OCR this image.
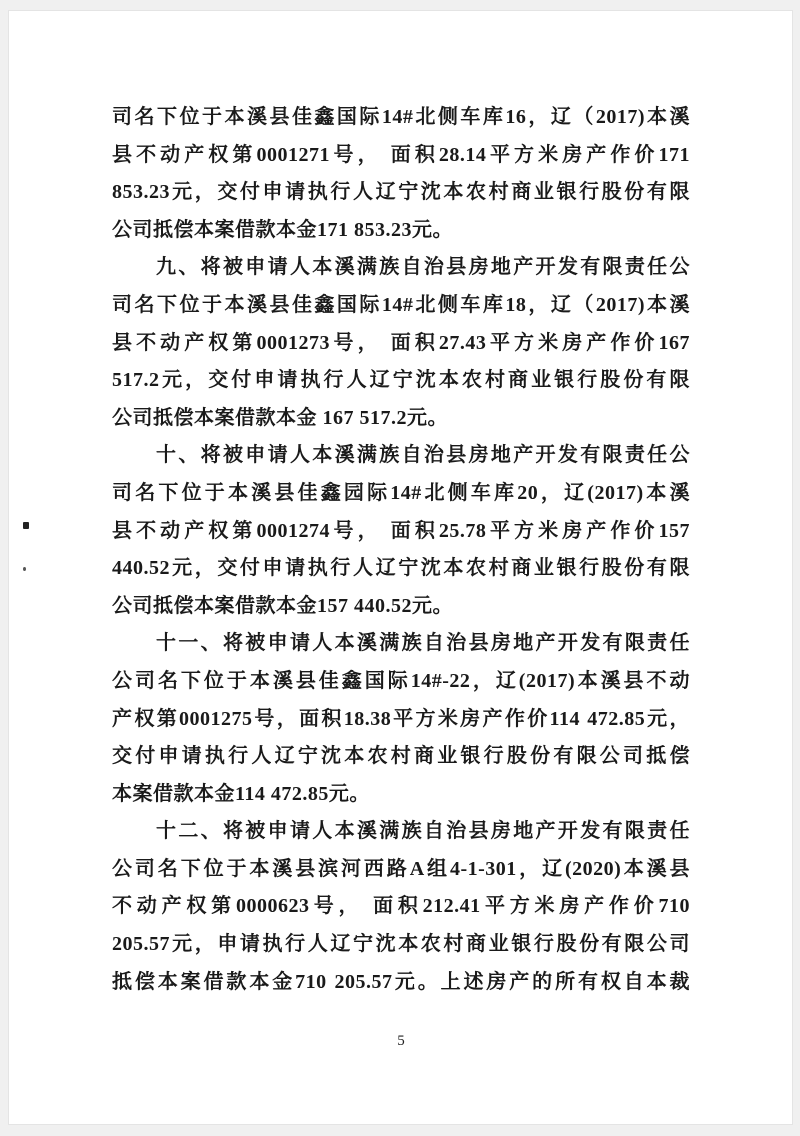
司名下位于本溪县佳鑫国际14#北侧车库16，辽（2017)本溪
县不动产权第0001271号， 面积28.14平方米房产作价171
853.23元，交付申请执行人辽宁沈本农村商业银行股份有限
公司抵偿本案借款本金171 853.23元。
九、将被申请人本溪满族自治县房地产开发有限责任公
司名下位于本溪县佳鑫国际14#北侧车库18，辽（2017)本溪
县不动产权第0001273号， 面积27.43平方米房产作价167
517.2元，交付申请执行人辽宁沈本农村商业银行股份有限
公司抵偿本案借款本金 167 517.2元。
十、将被申请人本溪满族自治县房地产开发有限责任公
司名下位于本溪县佳鑫园际14#北侧车库20，辽(2017)本溪
县不动产权第0001274号， 面积25.78平方米房产作价157
440.52元，交付申请执行人辽宁沈本农村商业银行股份有限
公司抵偿本案借款本金157 440.52元。
十一、将被申请人本溪满族自治县房地产开发有限责任
公司名下位于本溪县佳鑫国际14#-22，辽(2017)本溪县不动
产权第0001275号，面积18.38平方米房产作价114 472.85元，
交付申请执行人辽宁沈本农村商业银行股份有限公司抵偿
本案借款本金114 472.85元。
十二、将被申请人本溪满族自治县房地产开发有限责任
公司名下位于本溪县滨河西路A组4-1-301，辽(2020)本溪县
不动产权第0000623号， 面积212.41平方米房产作价710
205.57元，申请执行人辽宁沈本农村商业银行股份有限公司
抵偿本案借款本金710 205.57元。上述房产的所有权自本裁
5
